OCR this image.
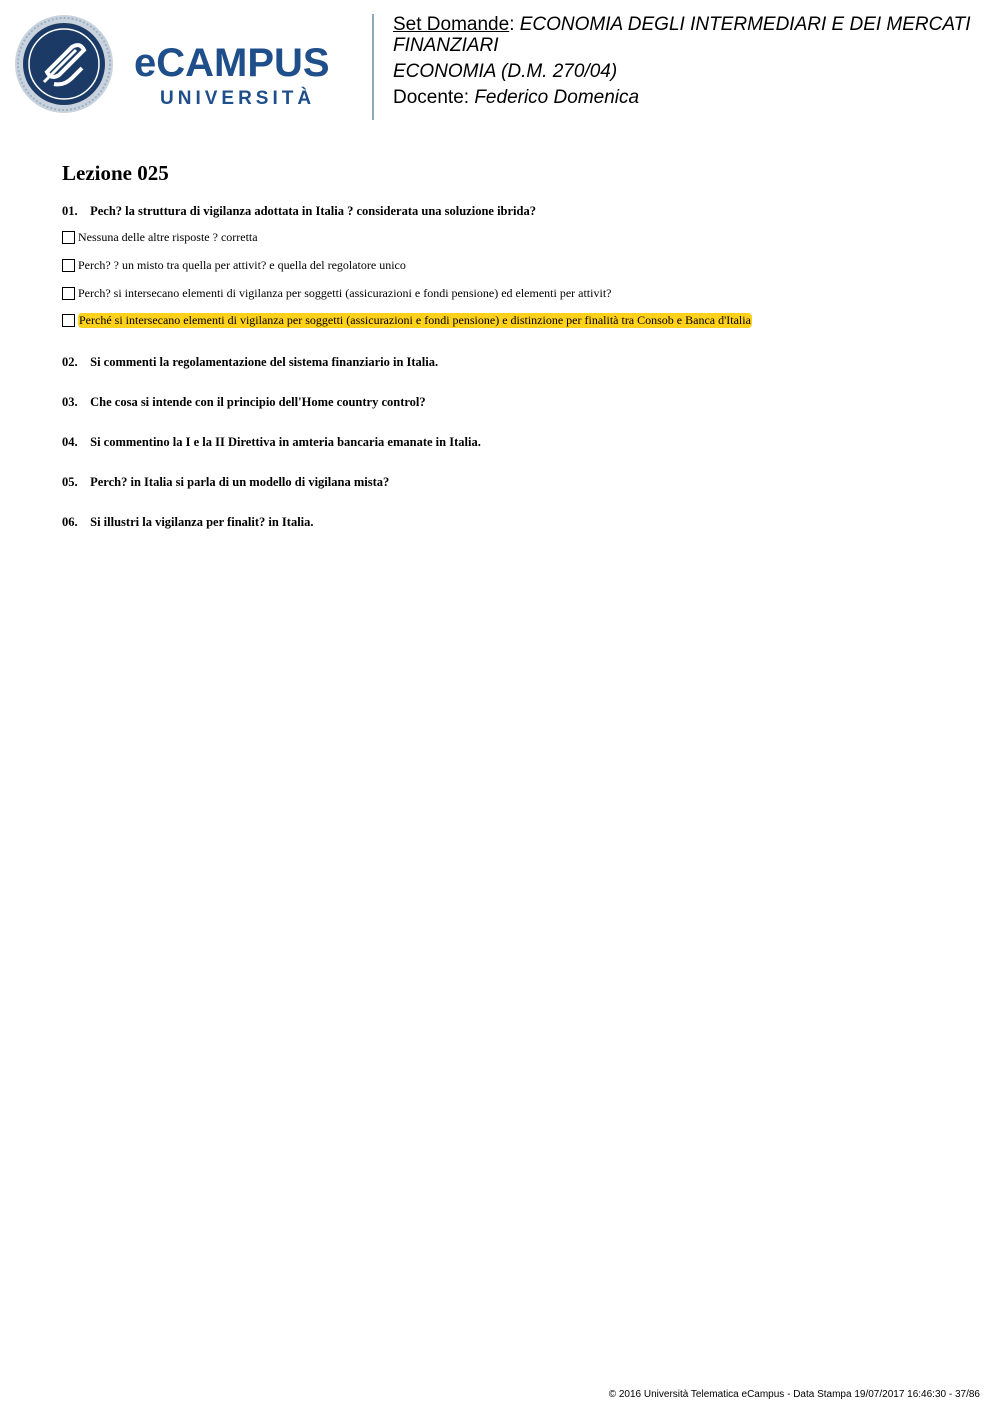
eCAMPUS
UNIVERSITÀ
Set Domande: ECONOMIA DEGLI INTERMEDIARI E DEI MERCATI FINANZIARI
ECONOMIA (D.M. 270/04)
Docente: Federico Domenica
Lezione 025
01. Pech? la struttura di vigilanza adottata in Italia ? considerata una soluzione ibrida?
Nessuna delle altre risposte ? corretta
Perch? ? un misto tra quella per attivit? e quella del regolatore unico
Perch? si intersecano elementi di vigilanza per soggetti (assicurazioni e fondi pensione) ed elementi per attivit?
Perché si intersecano elementi di vigilanza per soggetti (assicurazioni e fondi pensione) e distinzione per finalità tra Consob e Banca d'Italia
02. Si commenti la regolamentazione del sistema finanziario in Italia.
03. Che cosa si intende con il principio dell'Home country control?
04. Si commentino la I e la II Direttiva in amteria bancaria emanate in Italia.
05. Perch? in Italia si parla di un modello di vigilana mista?
06. Si illustri la vigilanza per finalit? in Italia.
© 2016 Università Telematica eCampus - Data Stampa 19/07/2017 16:46:30 - 37/86
